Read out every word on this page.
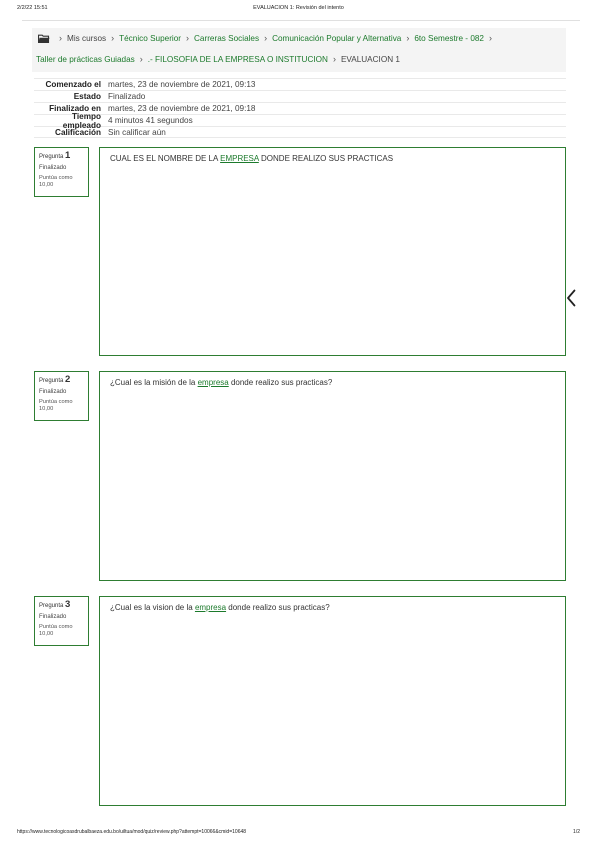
2/2/22 15:51	EVALUACION 1: Revisión del intento
› Mis cursos › Técnico Superior › Carreras Sociales › Comunicación Popular y Alternativa › 6to Semestre - 082 ›
Taller de prácticas Guiadas › .- FILOSOFIA DE LA EMPRESA O INSTITUCION › EVALUACION 1
Comenzado el martes, 23 de noviembre de 2021, 09:13
Estado Finalizado
Finalizado en martes, 23 de noviembre de 2021, 09:18
Tiempo empleado 4 minutos 41 segundos
Calificación Sin calificar aún
Pregunta 1
Finalizado
Puntúa como
10,00
CUAL ES EL NOMBRE DE LA EMPRESA DONDE REALIZO SUS PRACTICAS
Pregunta 2
Finalizado
Puntúa como
10,00
¿Cual es la misión de la empresa donde realizo sus practicas?
Pregunta 3
Finalizado
Puntúa como
10,00
¿Cual es la vision de la empresa donde realizo sus practicas?
https://www.tecnologicoasdrubalbaeza.edu.bo/uiltua/mod/quiz/review.php?attempt=10066&cmid=10648	1/2
